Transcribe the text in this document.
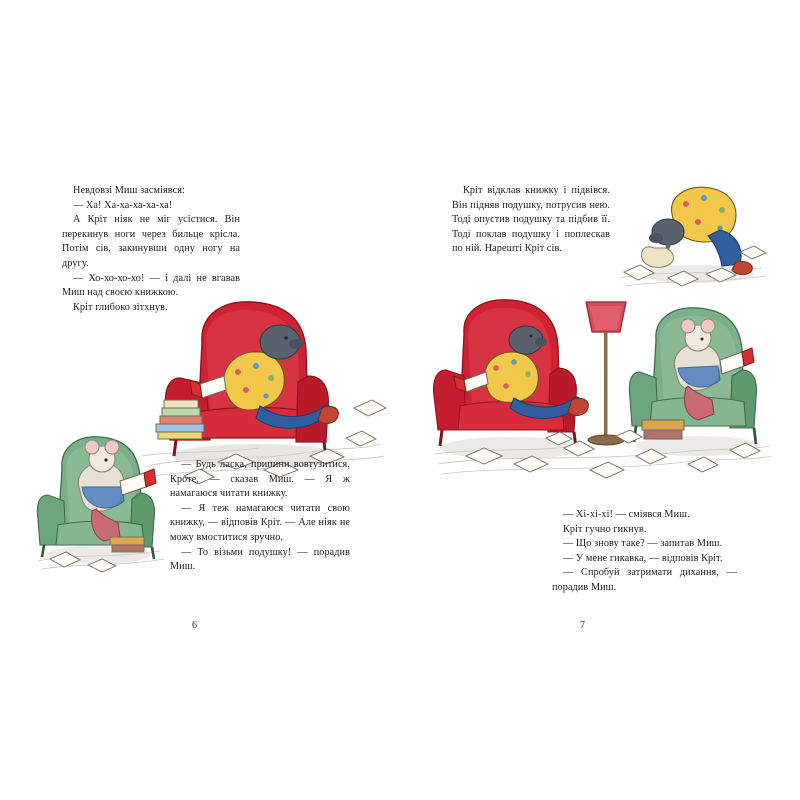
Невдовзі Миш засміявся:

— Ха! Ха-ха-ха-ха-ха!

А Кріт ніяк не міг усістися. Він перекинув ноги через бильце крісла. Потім сів, закинувши одну ногу на другу.

— Хо-хо-хо-хо! — і далі не вгавав Миш над своєю книжкою.

Кріт глибоко зітхнув.

— Будь ласка, припини вовтузитися, Кроте, — сказав Миш. — Я ж намагаюся читати книжку.

— Я теж намагаюся читати свою книжку, — відповів Кріт. — Але ніяк не можу вмоститися зручно.

— То візьми подушку! — порадив Миш.

6

Кріт відклав книжку і підвівся. Він підняв подушку, потрусив нею. Тоді опустив подушку та підбив її. Тоді поклав подушку і поплескав по ній. Нарешті Кріт сів.

— Хі-хі-хі! — сміявся Миш.

Кріт гучно гикнув.

— Що знову таке? — запитав Миш.

— У мене гикавка, — відповів Кріт.

— Спробуй затримати дихання, — порадив Миш.

7
